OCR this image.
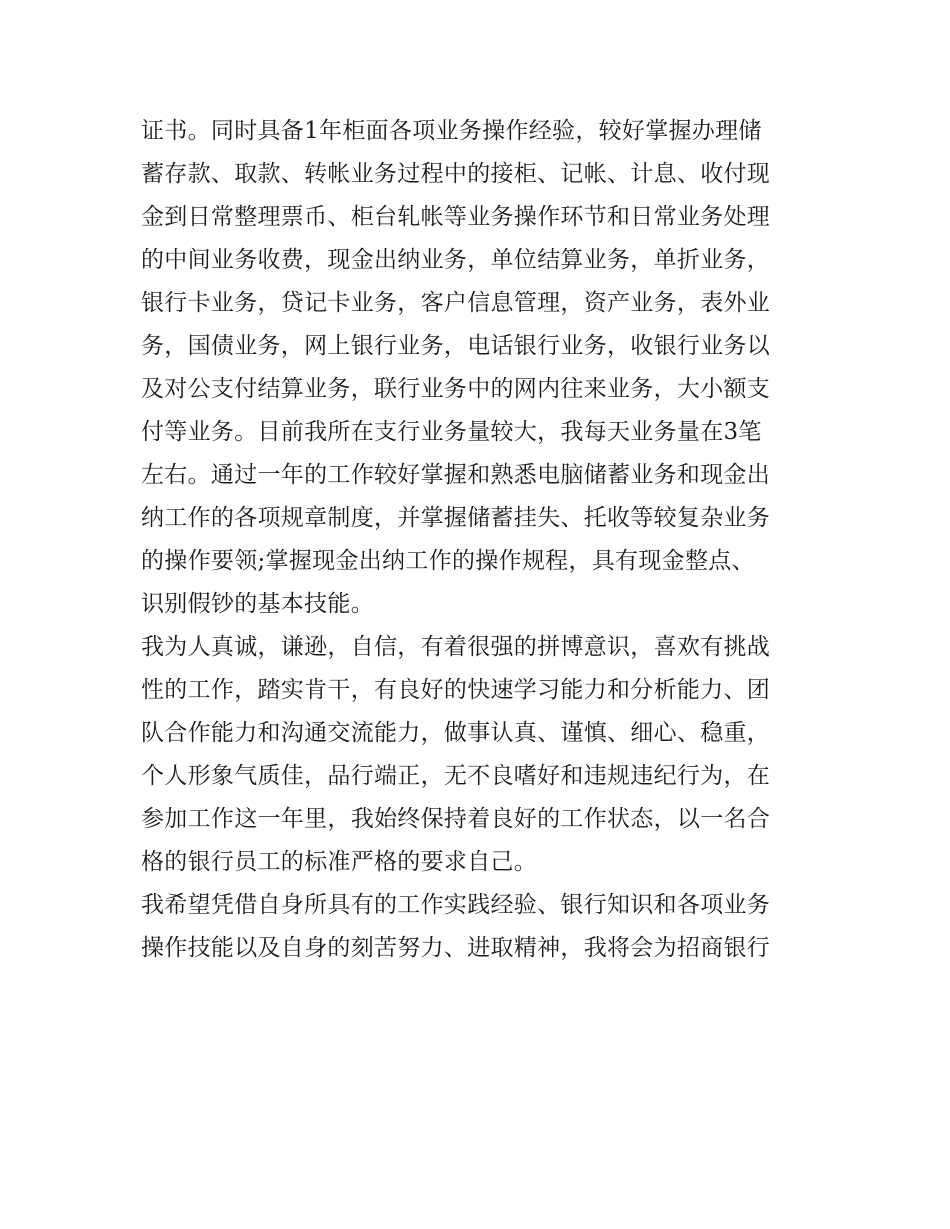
证书。同时具备1年柜面各项业务操作经验，较好掌握办理储
蓄存款、取款、转帐业务过程中的接柜、记帐、计息、收付现
金到日常整理票币、柜台轧帐等业务操作环节和日常业务处理
的中间业务收费，现金出纳业务，单位结算业务，单折业务，
银行卡业务，贷记卡业务，客户信息管理，资产业务，表外业
务，国债业务，网上银行业务，电话银行业务，收银行业务以
及对公支付结算业务，联行业务中的网内往来业务，大小额支
付等业务。目前我所在支行业务量较大，我每天业务量在3笔
左右。通过一年的工作较好掌握和熟悉电脑储蓄业务和现金出
纳工作的各项规章制度，并掌握储蓄挂失、托收等较复杂业务
的操作要领;掌握现金出纳工作的操作规程，具有现金整点、
识别假钞的基本技能。
我为人真诚，谦逊，自信，有着很强的拼博意识，喜欢有挑战
性的工作，踏实肯干，有良好的快速学习能力和分析能力、团
队合作能力和沟通交流能力，做事认真、谨慎、细心、稳重，
个人形象气质佳，品行端正，无不良嗜好和违规违纪行为，在
参加工作这一年里，我始终保持着良好的工作状态，以一名合
格的银行员工的标准严格的要求自己。
我希望凭借自身所具有的工作实践经验、银行知识和各项业务
操作技能以及自身的刻苦努力、进取精神，我将会为招商银行
